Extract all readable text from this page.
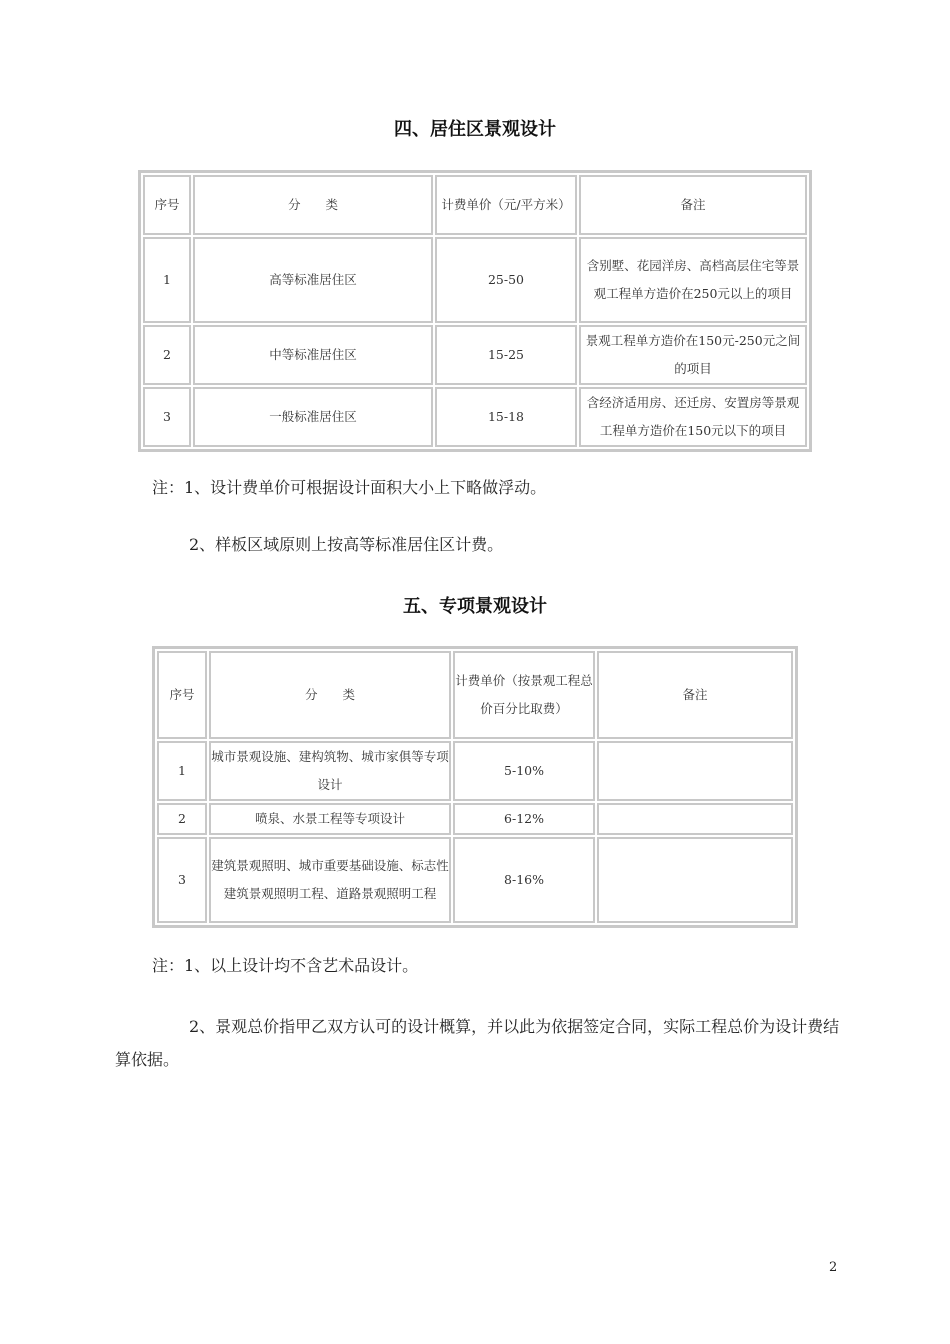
四、居住区景观设计
序号	分　　类	计费单价（元/平方米）	备注
1	高等标准居住区	25-50	含别墅、花园洋房、高档高层住宅等景观工程单方造价在250元以上的项目
2	中等标准居住区	15-25	景观工程单方造价在150元-250元之间的项目
3	一般标准居住区	15-18	含经济适用房、还迁房、安置房等景观工程单方造价在150元以下的项目
注：1、设计费单价可根据设计面积大小上下略做浮动。
2、样板区域原则上按高等标准居住区计费。
五、专项景观设计
序号	分　　类	计费单价（按景观工程总价百分比取费）	备注
1	城市景观设施、建构筑物、城市家俱等专项设计	5-10%	
2	喷泉、水景工程等专项设计	6-12%	
3	建筑景观照明、城市重要基础设施、标志性建筑景观照明工程、道路景观照明工程	8-16%	
注：1、以上设计均不含艺术品设计。
2、景观总价指甲乙双方认可的设计概算，并以此为依据签定合同，实际工程总价为设计费结算依据。
2
